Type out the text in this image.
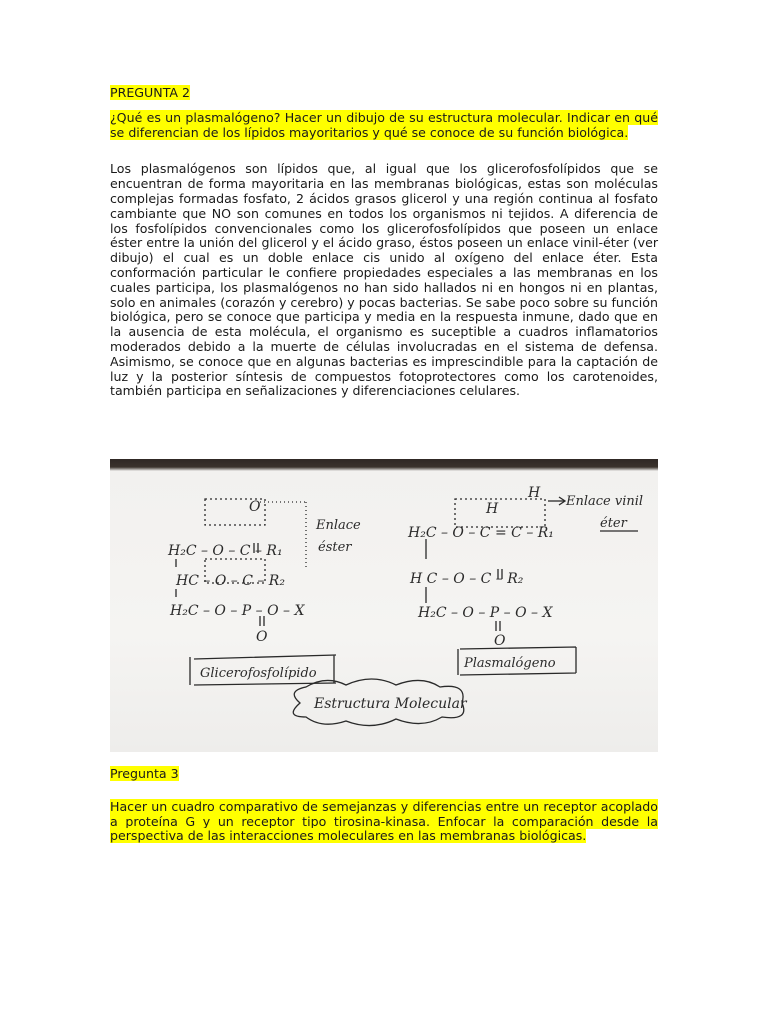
PREGUNTA 2

¿Qué es un plasmalógeno? Hacer un dibujo de su estructura molecular. Indicar en qué se diferencian de los lípidos mayoritarios y qué se conoce de su función biológica.

Los plasmalógenos son lípidos que, al igual que los glicerofosfolípidos que se encuentran de forma mayoritaria en las membranas biológicas, estas son moléculas complejas formadas fosfato, 2 ácidos grasos glicerol y una región continua al fosfato cambiante que NO son comunes en todos los organismos ni tejidos. A diferencia de los fosfolípidos convencionales como los glicerofosfolípidos que poseen un enlace éster entre la unión del glicerol y el ácido graso, éstos poseen un enlace vinil-éter (ver dibujo) el cual es un doble enlace cis unido al oxígeno del enlace éter. Esta conformación particular le confiere propiedades especiales a las membranas en los cuales participa, los plasmalógenos no han sido hallados ni en hongos ni en plantas, solo en animales (corazón y cerebro) y pocas bacterias. Se sabe poco sobre su función biológica, pero se conoce que participa y media en la respuesta inmune, dado que en la ausencia de esta molécula, el organismo es suceptible a cuadros inflamatorios moderados debido a la muerte de células involucradas en el sistema de defensa. Asimismo, se conoce que en algunas bacterias es imprescindible para la captación de luz y la posterior síntesis de compuestos fotoprotectores como los carotenoides, también participa en señalizaciones y diferenciaciones celulares.

O
H₂C – O – C – R₁
HC – O – C – R₂
H₂C – O – P – O – X
O
Enlace
éster
Glicerofosfolípido
H
H
H₂C – O – C = C – R₁
H C – O – C – R₂
H₂C – O – P – O – X
O
Enlace vinil
éter
Plasmalógeno
Estructura Molecular

Pregunta 3

Hacer un cuadro comparativo de semejanzas y diferencias entre un receptor acoplado a proteína G y un receptor tipo tirosina-kinasa. Enfocar la comparación desde la perspectiva de las interacciones moleculares en las membranas biológicas.
